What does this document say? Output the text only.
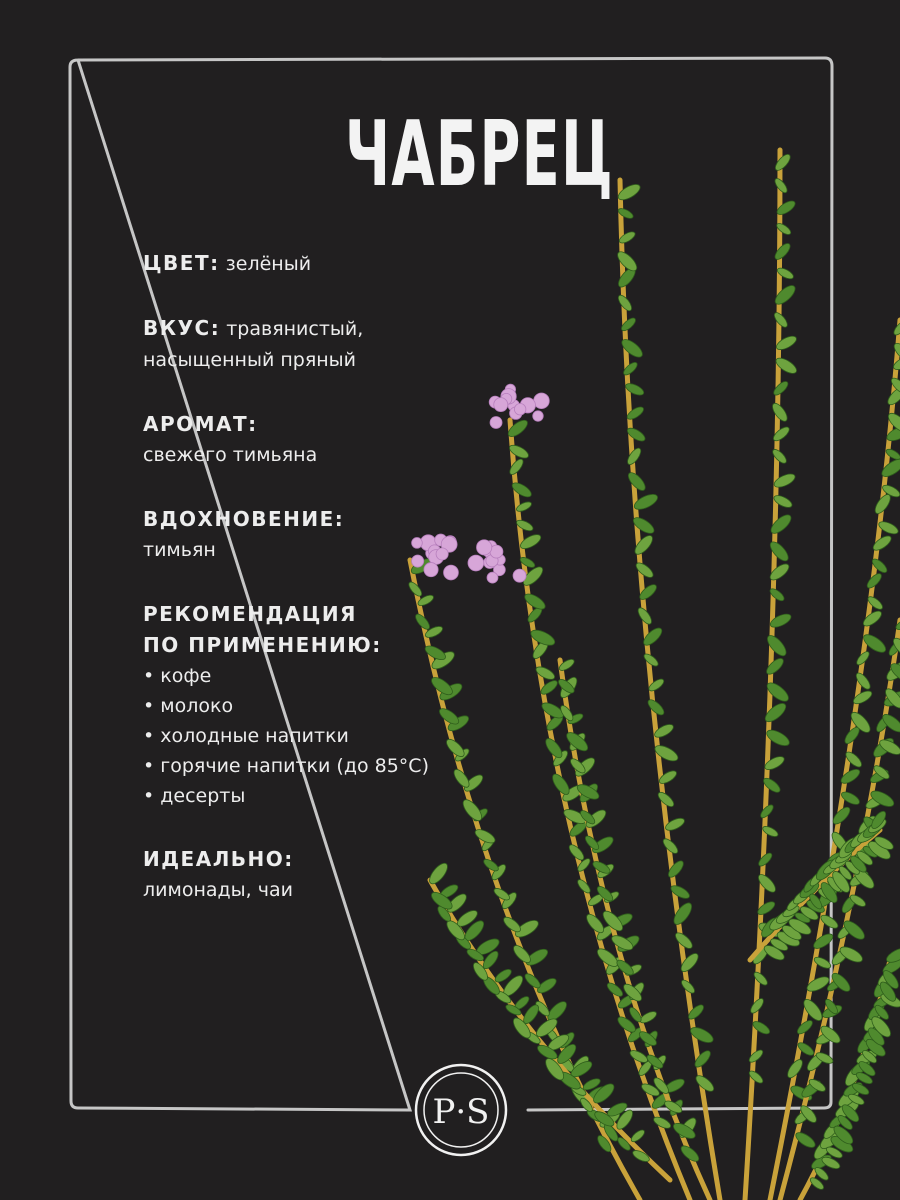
ЧАБРЕЦ
ЦВЕТ: зелёный
ВКУС: травянистый,
насыщенный пряный
АРОМАТ:
свежего тимьяна
ВДОХНОВЕНИЕ:
тимьян
РЕКОМЕНДАЦИЯ
ПО ПРИМЕНЕНИЮ:
• кофе
• молоко
• холодные напитки
• горячие напитки (до 85°C)
• десерты
ИДЕАЛЬНО:
лимонады, чаи
P·S
